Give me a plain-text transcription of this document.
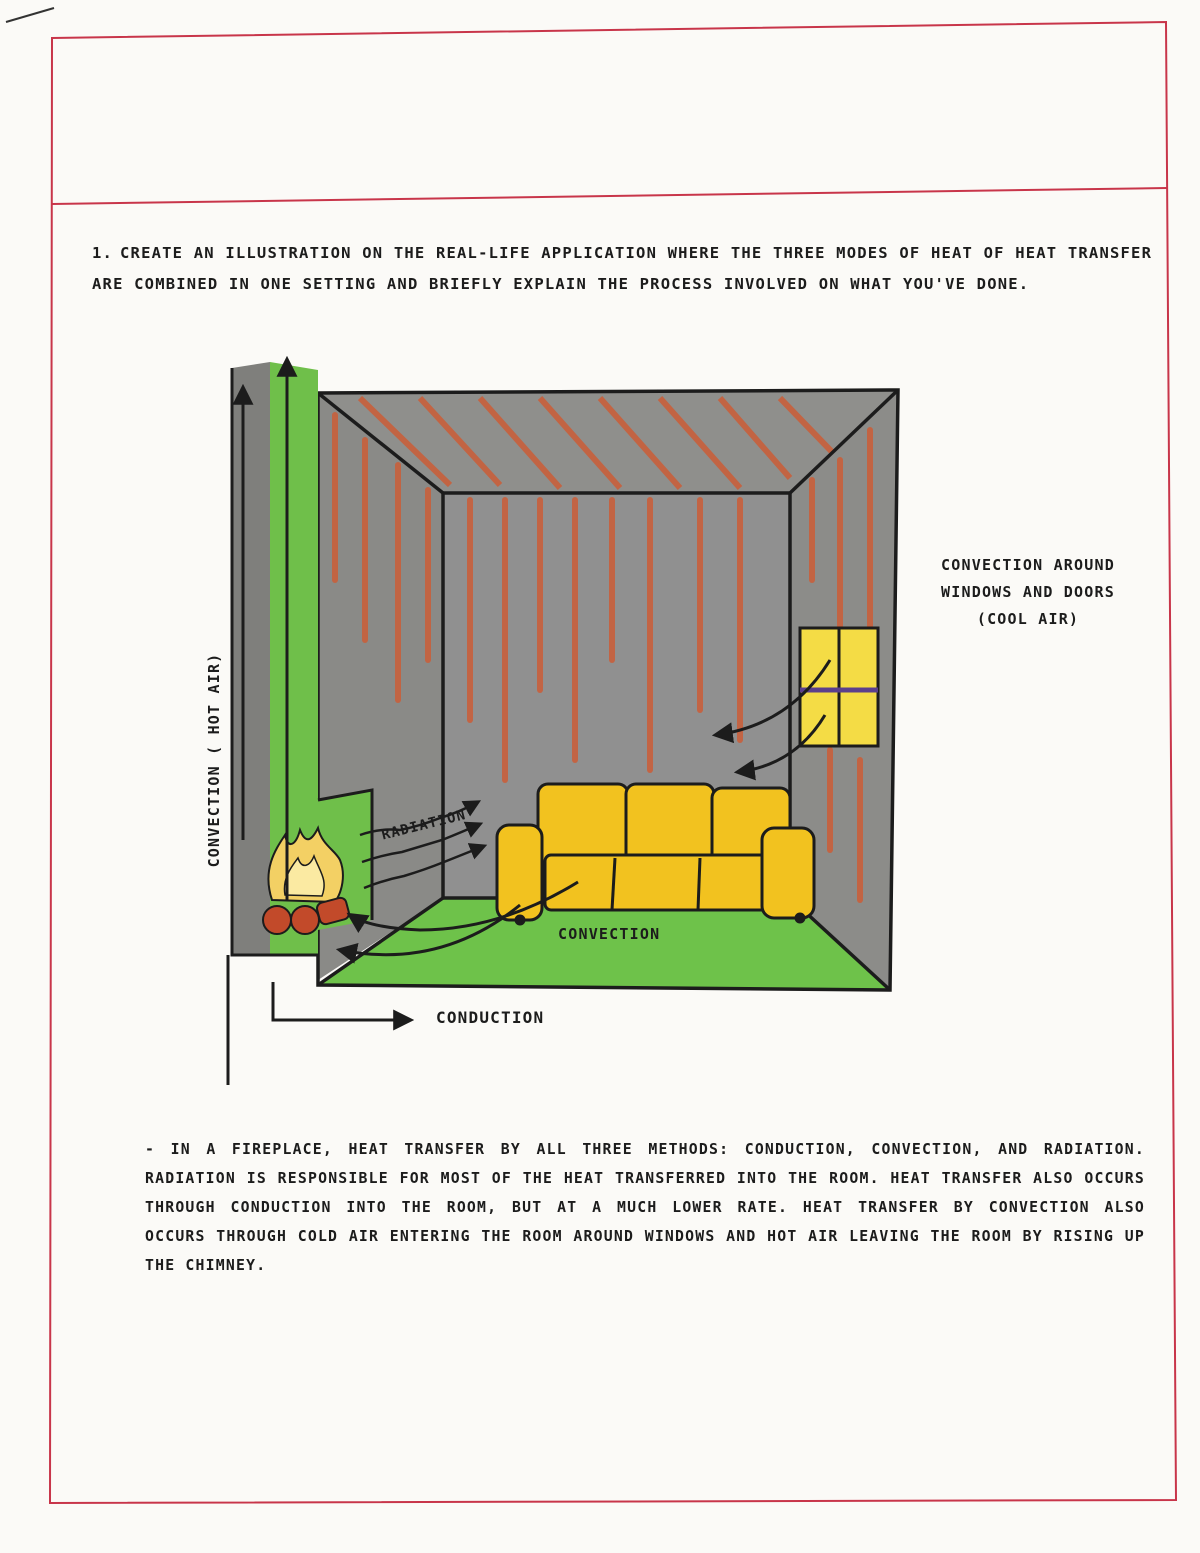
1. CREATE AN ILLUSTRATION ON THE REAL-LIFE APPLICATION WHERE THE THREE MODES OF HEAT OF HEAT TRANSFER ARE COMBINED IN ONE SETTING AND BRIEFLY EXPLAIN THE PROCESS INVOLVED ON WHAT YOU'VE DONE.
CONVECTION ( HOT AIR)
CONVECTION AROUND WINDOWS AND DOORS (COOL AIR)
RADIATION
CONVECTION
CONDUCTION
- IN A FIREPLACE, HEAT TRANSFER BY ALL THREE METHODS: CONDUCTION, CONVECTION, AND RADIATION. RADIATION IS RESPONSIBLE FOR MOST OF THE HEAT TRANSFERRED INTO THE ROOM. HEAT TRANSFER ALSO OCCURS THROUGH CONDUCTION INTO THE ROOM, BUT AT A MUCH LOWER RATE. HEAT TRANSFER BY CONVECTION ALSO OCCURS THROUGH COLD AIR ENTERING THE ROOM AROUND WINDOWS AND HOT AIR LEAVING THE ROOM BY RISING UP THE CHIMNEY.
